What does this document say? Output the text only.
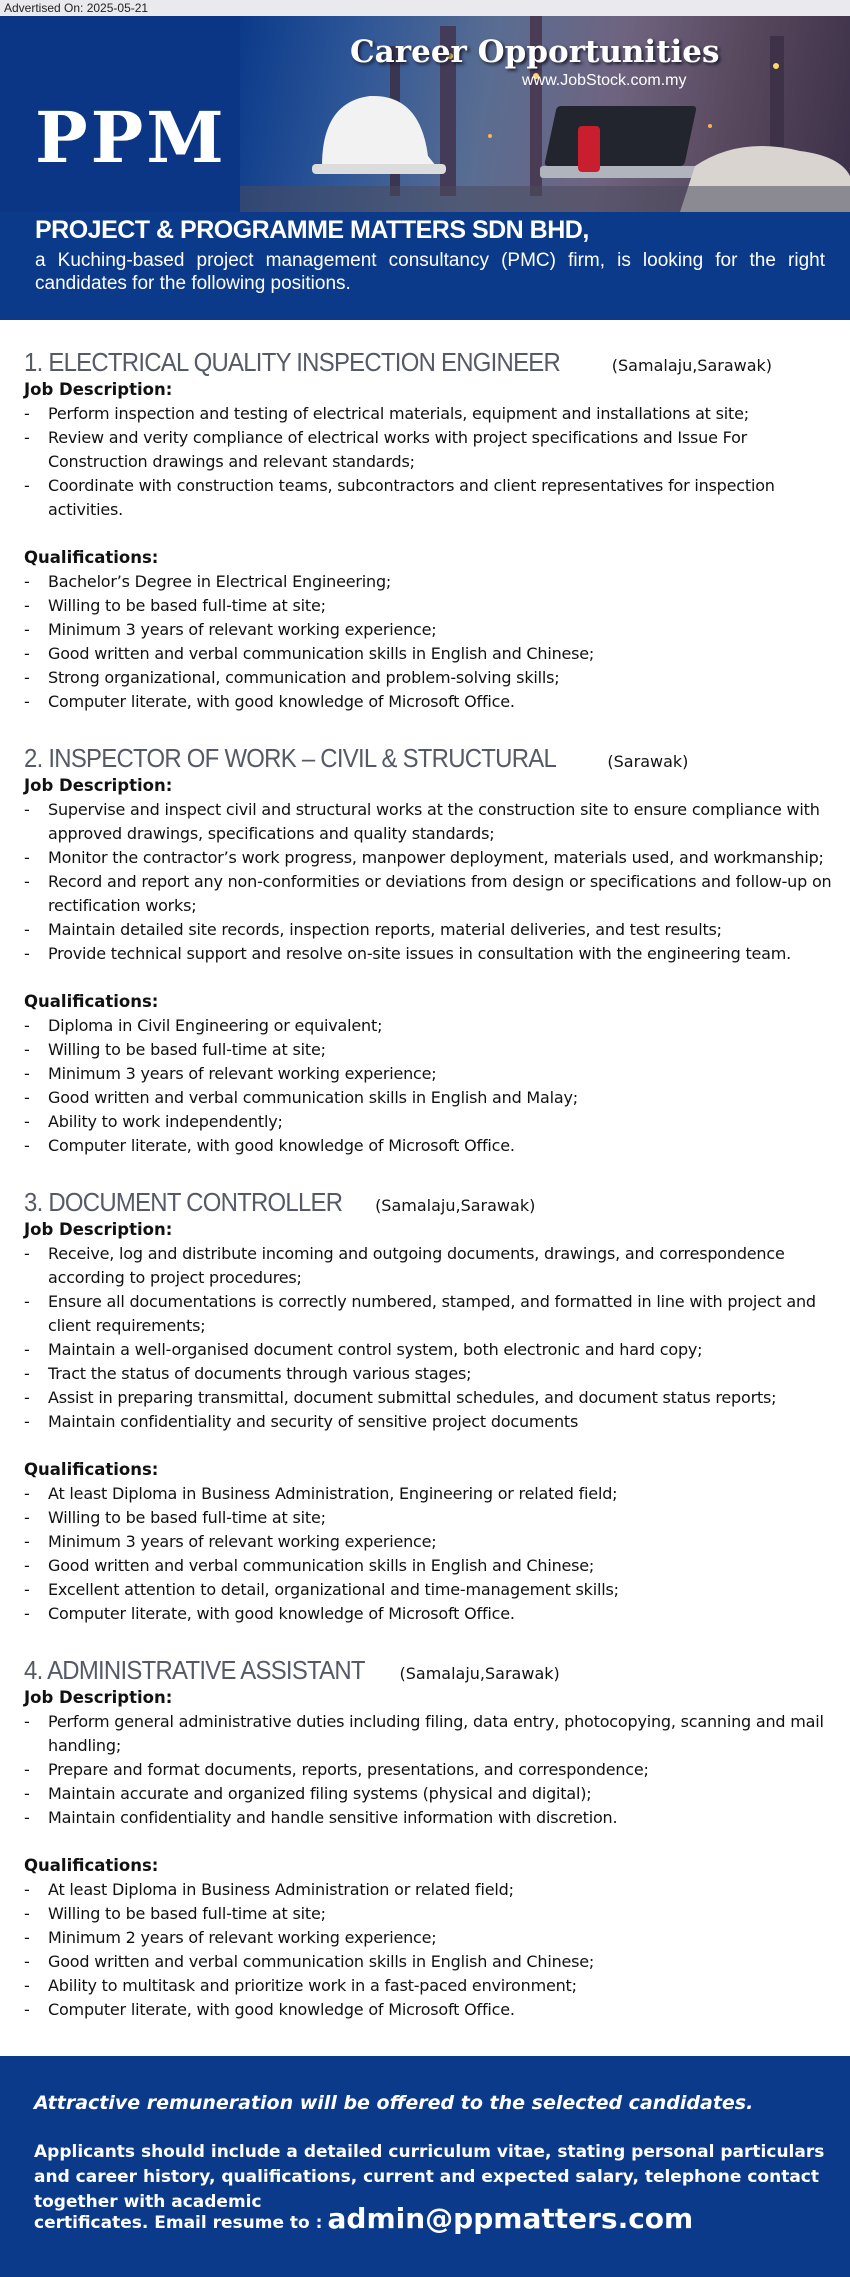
Advertised On: 2025-05-21
PPM
Career Opportunities
www.JobStock.com.my
PROJECT & PROGRAMME MATTERS SDN BHD,
a Kuching-based project management consultancy (PMC) firm, is looking for the right candidates for the following positions.
1. ELECTRICAL QUALITY INSPECTION ENGINEER	(Samalaju,Sarawak)
Job Description:
- Perform inspection and testing of electrical materials, equipment and installations at site;
- Review and verity compliance of electrical works with project specifications and Issue For Construction drawings and relevant standards;
- Coordinate with construction teams, subcontractors and client representatives for inspection activities.
Qualifications:
- Bachelor’s Degree in Electrical Engineering;
- Willing to be based full-time at site;
- Minimum 3 years of relevant working experience;
- Good written and verbal communication skills in English and Chinese;
- Strong organizational, communication and problem-solving skills;
- Computer literate, with good knowledge of Microsoft Office.
2. INSPECTOR OF WORK – CIVIL & STRUCTURAL	(Sarawak)
Job Description:
- Supervise and inspect civil and structural works at the construction site to ensure compliance with approved drawings, specifications and quality standards;
- Monitor the contractor’s work progress, manpower deployment, materials used, and workmanship;
- Record and report any non-conformities or deviations from design or specifications and follow-up on rectification works;
- Maintain detailed site records, inspection reports, material deliveries, and test results;
- Provide technical support and resolve on-site issues in consultation with the engineering team.
Qualifications:
- Diploma in Civil Engineering or equivalent;
- Willing to be based full-time at site;
- Minimum 3 years of relevant working experience;
- Good written and verbal communication skills in English and Malay;
- Ability to work independently;
- Computer literate, with good knowledge of Microsoft Office.
3. DOCUMENT CONTROLLER (Samalaju,Sarawak)
Job Description:
- Receive, log and distribute incoming and outgoing documents, drawings, and correspondence according to project procedures;
- Ensure all documentations is correctly numbered, stamped, and formatted in line with project and client requirements;
- Maintain a well-organised document control system, both electronic and hard copy;
- Tract the status of documents through various stages;
- Assist in preparing transmittal, document submittal schedules, and document status reports;
- Maintain confidentiality and security of sensitive project documents
Qualifications:
- At least Diploma in Business Administration, Engineering or related field;
- Willing to be based full-time at site;
- Minimum 3 years of relevant working experience;
- Good written and verbal communication skills in English and Chinese;
- Excellent attention to detail, organizational and time-management skills;
- Computer literate, with good knowledge of Microsoft Office.
4. ADMINISTRATIVE ASSISTANT (Samalaju,Sarawak)
Job Description:
- Perform general administrative duties including filing, data entry, photocopying, scanning and mail handling;
- Prepare and format documents, reports, presentations, and correspondence;
- Maintain accurate and organized filing systems (physical and digital);
- Maintain confidentiality and handle sensitive information with discretion.
Qualifications:
- At least Diploma in Business Administration or related field;
- Willing to be based full-time at site;
- Minimum 2 years of relevant working experience;
- Good written and verbal communication skills in English and Chinese;
- Ability to multitask and prioritize work in a fast-paced environment;
- Computer literate, with good knowledge of Microsoft Office.
Attractive remuneration will be offered to the selected candidates.
Applicants should include a detailed curriculum vitae, stating personal particulars and career history, qualifications, current and expected salary, telephone contact together with academic
certificates. Email resume to : admin@ppmatters.com
